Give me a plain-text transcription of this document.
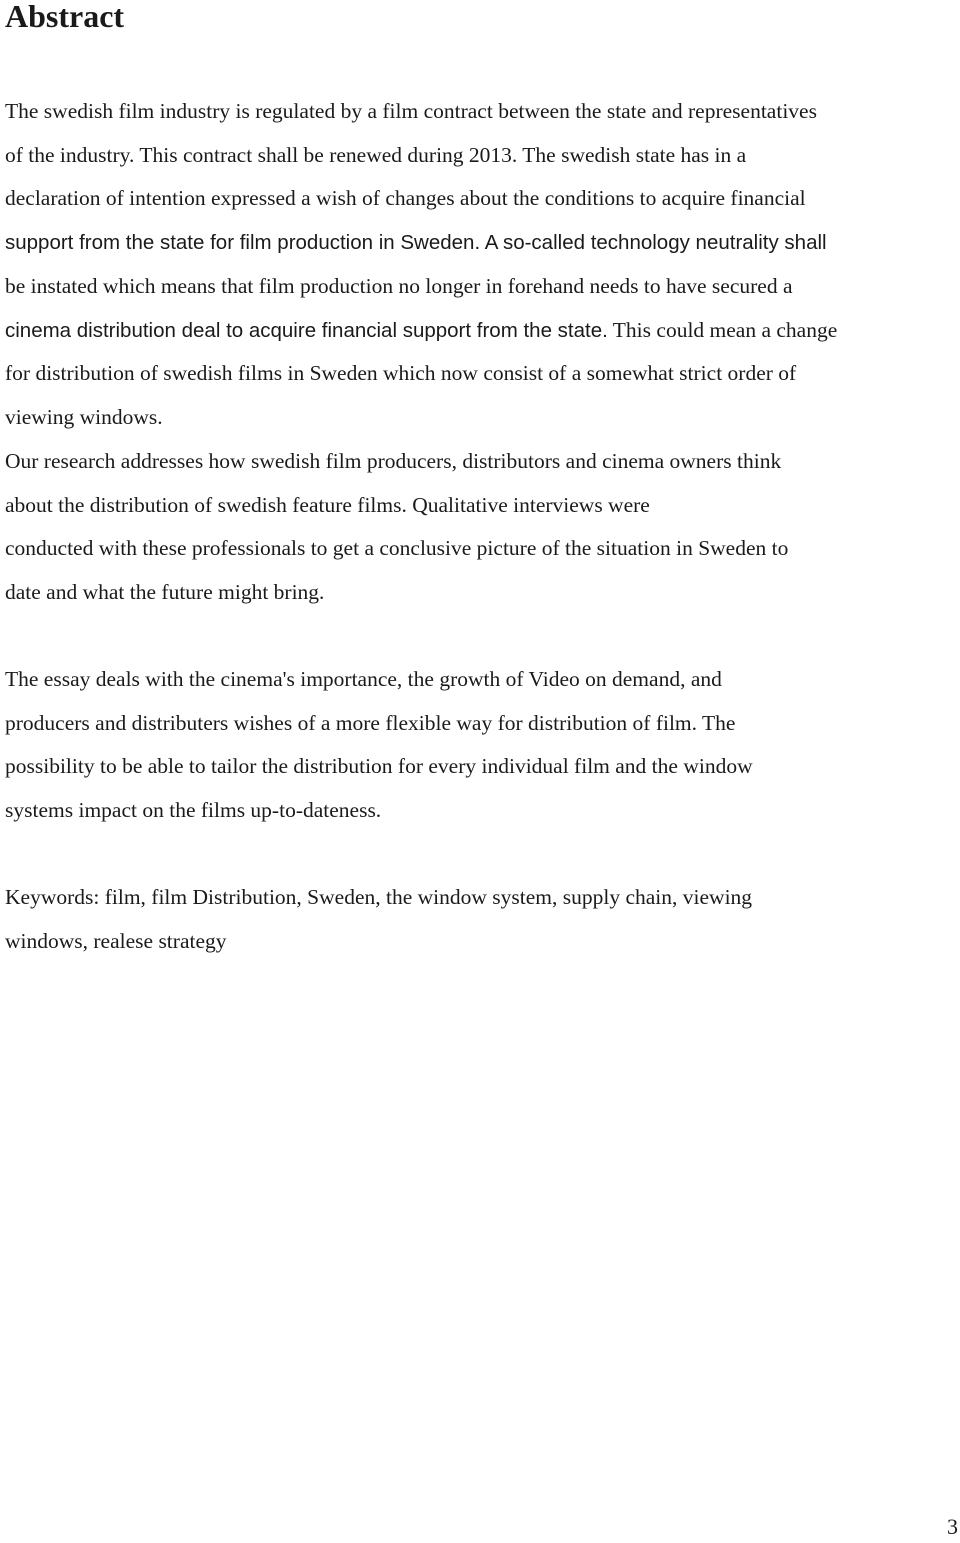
Abstract
The swedish film industry is regulated by a film contract between the state and representatives
of the industry. This contract shall be renewed during 2013. The swedish state has in a
declaration of intention expressed a wish of changes about the conditions to acquire financial
support from the state for film production in Sweden. A so-called technology neutrality shall
be instated which means that film production no longer in forehand needs to have secured a
cinema distribution deal to acquire financial support from the state. This could mean a change
for distribution of swedish films in Sweden which now consist of a somewhat strict order of
viewing windows.
Our research addresses how swedish film producers, distributors and cinema owners think
about the distribution of swedish feature films. Qualitative interviews were
conducted with these professionals to get a conclusive picture of the situation in Sweden to
date and what the future might bring.
The essay deals with the cinema's importance, the growth of Video on demand, and
producers and distributers wishes of a more flexible way for distribution of film. The
possibility to be able to tailor the distribution for every individual film and the window
systems impact on the films up-to-dateness.
Keywords: film, film Distribution, Sweden, the window system, supply chain, viewing
windows, realese strategy
3
